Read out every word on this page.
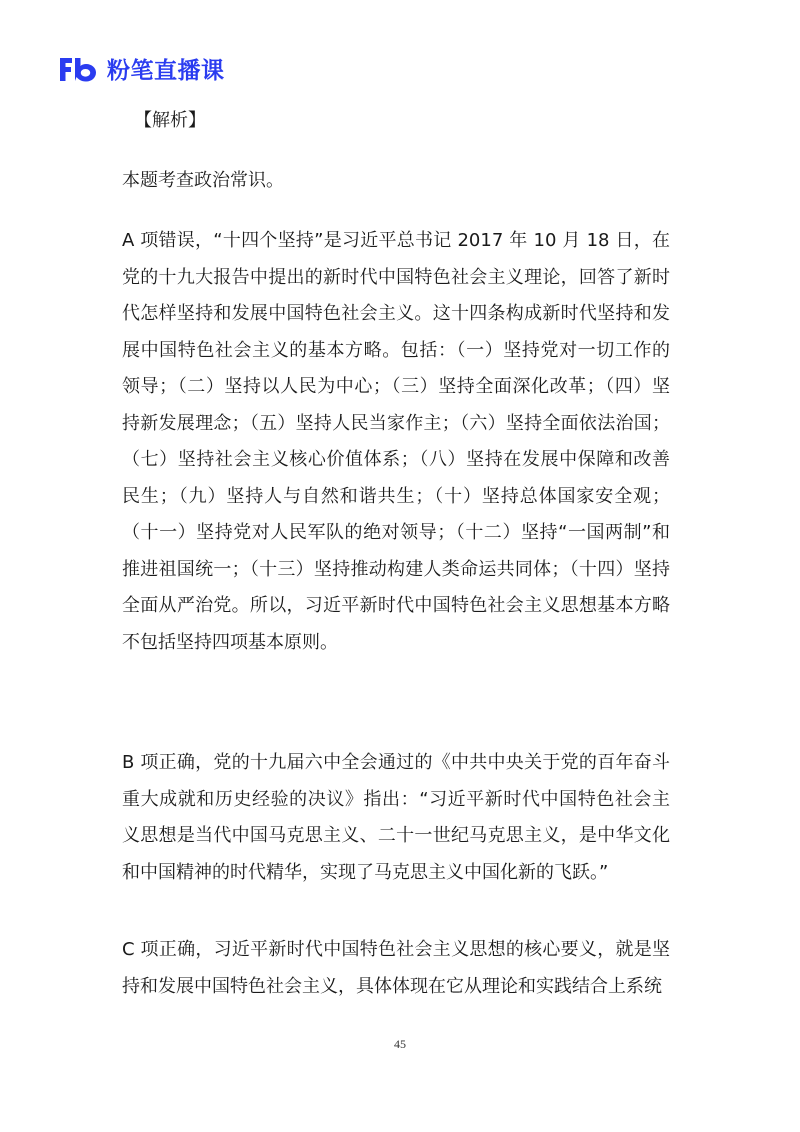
粉笔直播课
【解析】

本题考查政治常识。

A 项错误，“十四个坚持”是习近平总书记 2017 年 10 月 18 日，在党的十九大报告中提出的新时代中国特色社会主义理论，回答了新时代怎样坚持和发展中国特色社会主义。这十四条构成新时代坚持和发展中国特色社会主义的基本方略。包括：（一）坚持党对一切工作的领导；（二）坚持以人民为中心；（三）坚持全面深化改革；（四）坚持新发展理念；（五）坚持人民当家作主；（六）坚持全面依法治国；（七）坚持社会主义核心价值体系；（八）坚持在发展中保障和改善民生；（九）坚持人与自然和谐共生；（十）坚持总体国家安全观；（十一）坚持党对人民军队的绝对领导；（十二）坚持“一国两制”和推进祖国统一；（十三）坚持推动构建人类命运共同体；（十四）坚持全面从严治党。所以，习近平新时代中国特色社会主义思想基本方略不包括坚持四项基本原则。

B 项正确，党的十九届六中全会通过的《中共中央关于党的百年奋斗重大成就和历史经验的决议》指出：“习近平新时代中国特色社会主义思想是当代中国马克思主义、二十一世纪马克思主义，是中华文化和中国精神的时代精华，实现了马克思主义中国化新的飞跃。”

C 项正确，习近平新时代中国特色社会主义思想的核心要义，就是坚持和发展中国特色社会主义，具体体现在它从理论和实践结合上系统

45
